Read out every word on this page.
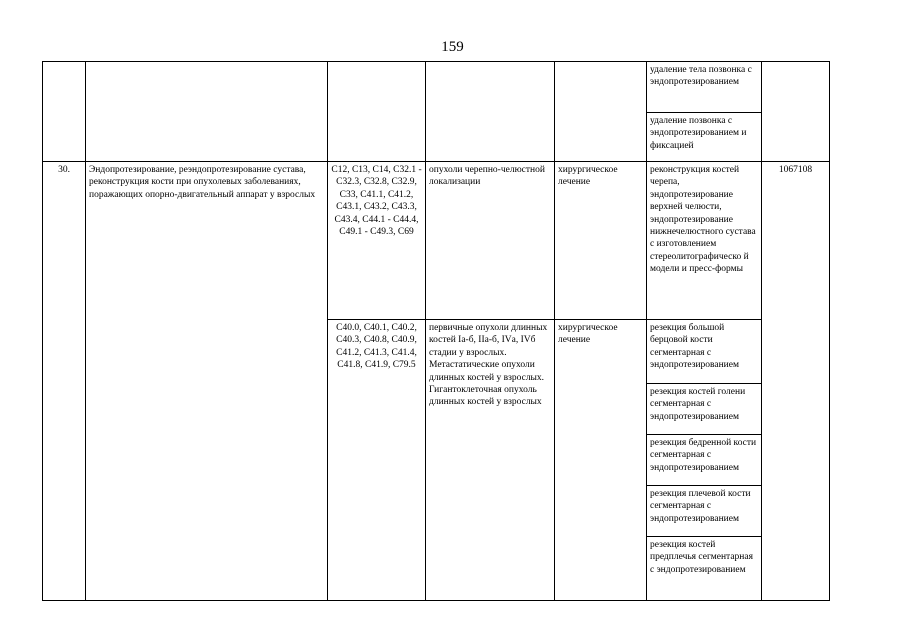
159
					удаление тела позвонка с эндопротезированием	
					удаление позвонка с эндопротезированием и фиксацией	
30.	Эндопротезирование, реэндопротезирование сустава, реконструкция кости при опухолевых заболеваниях, поражающих опорно-двигательный аппарат у взрослых	C12, C13, C14, C32.1 - C32.3, C32.8, C32.9, C33, C41.1, C41.2, C43.1, C43.2, C43.3, C43.4, C44.1 - C44.4, C49.1 - C49.3, C69	опухоли черепно-челюстной локализации	хирургическое лечение	реконструкция костей черепа, эндопротезирование верхней челюсти, эндопротезирование нижнечелюстного сустава с изготовлением стереолитографическо й модели и пресс-формы	1067108
		C40.0, C40.1, C40.2, C40.3, C40.8, C40.9, C41.2, C41.3, C41.4, C41.8, C41.9, C79.5	первичные опухоли длинных костей Iа-б, IIа-б, IVа, IVб стадии у взрослых. Метастатические опухоли длинных костей у взрослых. Гигантоклеточная опухоль длинных костей у взрослых	хирургическое лечение	резекция большой берцовой кости сегментарная с эндопротезированием	
					резекция костей голени сегментарная с эндопротезированием	
					резекция бедренной кости сегментарная с эндопротезированием	
					резекция плечевой кости сегментарная с эндопротезированием	
					резекция костей предплечья сегментарная с эндопротезированием	
